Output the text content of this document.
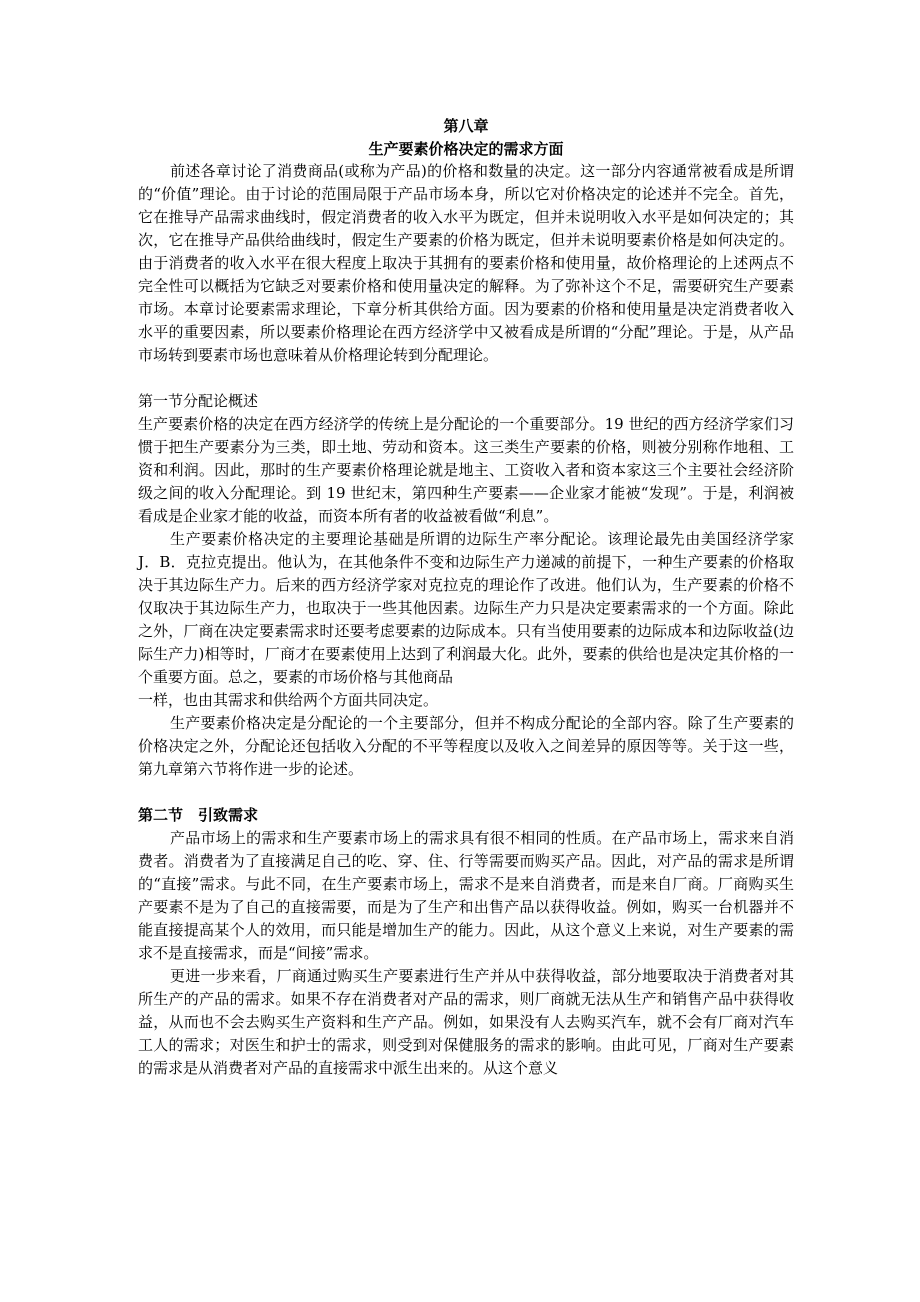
第八章
生产要素价格决定的需求方面

前述各章讨论了消费商品(或称为产品)的价格和数量的决定。这一部分内容通常被看成是所谓的“价值”理论。由于讨论的范围局限于产品市场本身，所以它对价格决定的论述并不完全。首先，它在推导产品需求曲线时，假定消费者的收入水平为既定，但并未说明收入水平是如何决定的；其次，它在推导产品供给曲线时，假定生产要素的价格为既定，但并未说明要素价格是如何决定的。由于消费者的收入水平在很大程度上取决于其拥有的要素价格和使用量，故价格理论的上述两点不完全性可以概括为它缺乏对要素价格和使用量决定的解释。为了弥补这个不足，需要研究生产要素市场。本章讨论要素需求理论，下章分析其供给方面。因为要素的价格和使用量是决定消费者收入水平的重要因素，所以要素价格理论在西方经济学中又被看成是所谓的“分配”理论。于是，从产品市场转到要素市场也意味着从价格理论转到分配理论。

第一节分配论概述

生产要素价格的决定在西方经济学的传统上是分配论的一个重要部分。19 世纪的西方经济学家们习惯于把生产要素分为三类，即土地、劳动和资本。这三类生产要素的价格，则被分别称作地租、工资和利润。因此，那时的生产要素价格理论就是地主、工资收入者和资本家这三个主要社会经济阶级之间的收入分配理论。到 19 世纪末，第四种生产要素——企业家才能被“发现”。于是，利润被看成是企业家才能的收益，而资本所有者的收益被看做“利息”。

生产要素价格决定的主要理论基础是所谓的边际生产率分配论。该理论最先由美国经济学家 J．B．克拉克提出。他认为，在其他条件不变和边际生产力递减的前提下，一种生产要素的价格取决于其边际生产力。后来的西方经济学家对克拉克的理论作了改进。他们认为，生产要素的价格不仅取决于其边际生产力，也取决于一些其他因素。边际生产力只是决定要素需求的一个方面。除此之外，厂商在决定要素需求时还要考虑要素的边际成本。只有当使用要素的边际成本和边际收益(边际生产力)相等时，厂商才在要素使用上达到了利润最大化。此外，要素的供给也是决定其价格的一个重要方面。总之，要素的市场价格与其他商品

一样，也由其需求和供给两个方面共同决定。

生产要素价格决定是分配论的一个主要部分，但并不构成分配论的全部内容。除了生产要素的价格决定之外，分配论还包括收入分配的不平等程度以及收入之间差异的原因等等。关于这一些，第九章第六节将作进一步的论述。

第二节　引致需求

产品市场上的需求和生产要素市场上的需求具有很不相同的性质。在产品市场上，需求来自消费者。消费者为了直接满足自己的吃、穿、住、行等需要而购买产品。因此，对产品的需求是所谓的“直接”需求。与此不同，在生产要素市场上，需求不是来自消费者，而是来自厂商。厂商购买生产要素不是为了自己的直接需要，而是为了生产和出售产品以获得收益。例如，购买一台机器并不能直接提高某个人的效用，而只能是增加生产的能力。因此，从这个意义上来说，对生产要素的需求不是直接需求，而是“间接”需求。

更进一步来看，厂商通过购买生产要素进行生产并从中获得收益，部分地要取决于消费者对其所生产的产品的需求。如果不存在消费者对产品的需求，则厂商就无法从生产和销售产品中获得收益，从而也不会去购买生产资料和生产产品。例如，如果没有人去购买汽车，就不会有厂商对汽车工人的需求；对医生和护士的需求，则受到对保健服务的需求的影响。由此可见，厂商对生产要素的需求是从消费者对产品的直接需求中派生出来的。从这个意义
